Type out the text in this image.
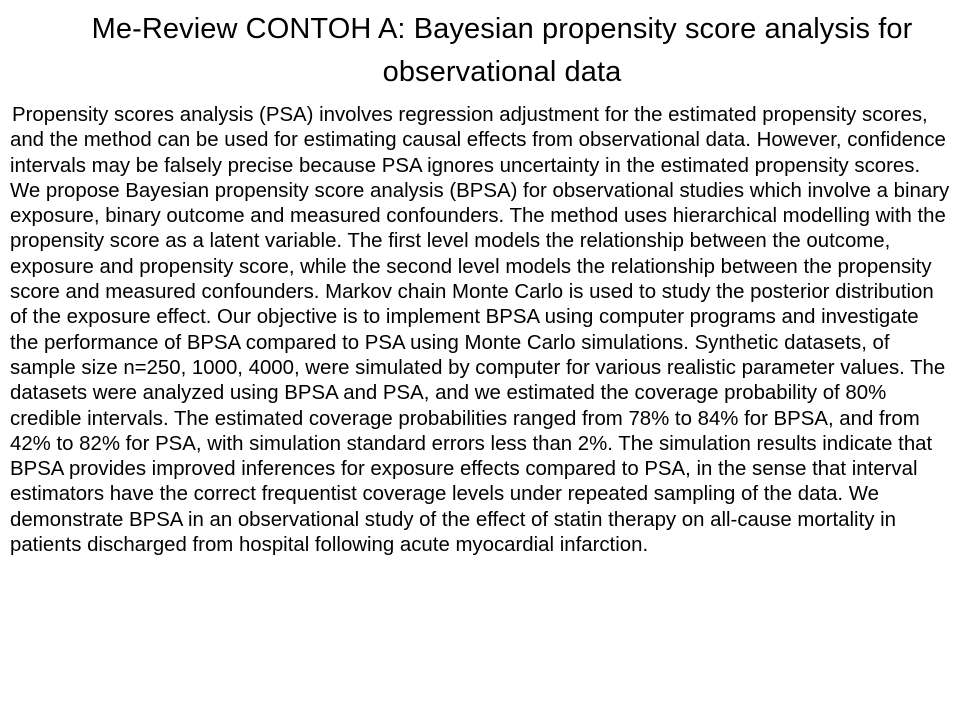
Me-Review CONTOH A: Bayesian propensity score analysis for observational data

Propensity scores analysis (PSA) involves regression adjustment for the estimated propensity scores, and the method can be used for estimating causal effects from observational data. However, confidence intervals may be falsely precise because PSA ignores uncertainty in the estimated propensity scores. We propose Bayesian propensity score analysis (BPSA) for observational studies which involve a binary exposure, binary outcome and measured confounders. The method uses hierarchical modelling with the propensity score as a latent variable. The first level models the relationship between the outcome, exposure and propensity score, while the second level models the relationship between the propensity score and measured confounders. Markov chain Monte Carlo is used to study the posterior distribution of the exposure effect. Our objective is to implement BPSA using computer programs and investigate the performance of BPSA compared to PSA using Monte Carlo simulations. Synthetic datasets, of sample size n=250, 1000, 4000, were simulated by computer for various realistic parameter values. The datasets were analyzed using BPSA and PSA, and we estimated the coverage probability of 80% credible intervals. The estimated coverage probabilities ranged from 78% to 84% for BPSA, and from 42% to 82% for PSA, with simulation standard errors less than 2%. The simulation results indicate that BPSA provides improved inferences for exposure effects compared to PSA, in the sense that interval estimators have the correct frequentist coverage levels under repeated sampling of the data. We demonstrate BPSA in an observational study of the effect of statin therapy on all-cause mortality in patients discharged from hospital following acute myocardial infarction.
